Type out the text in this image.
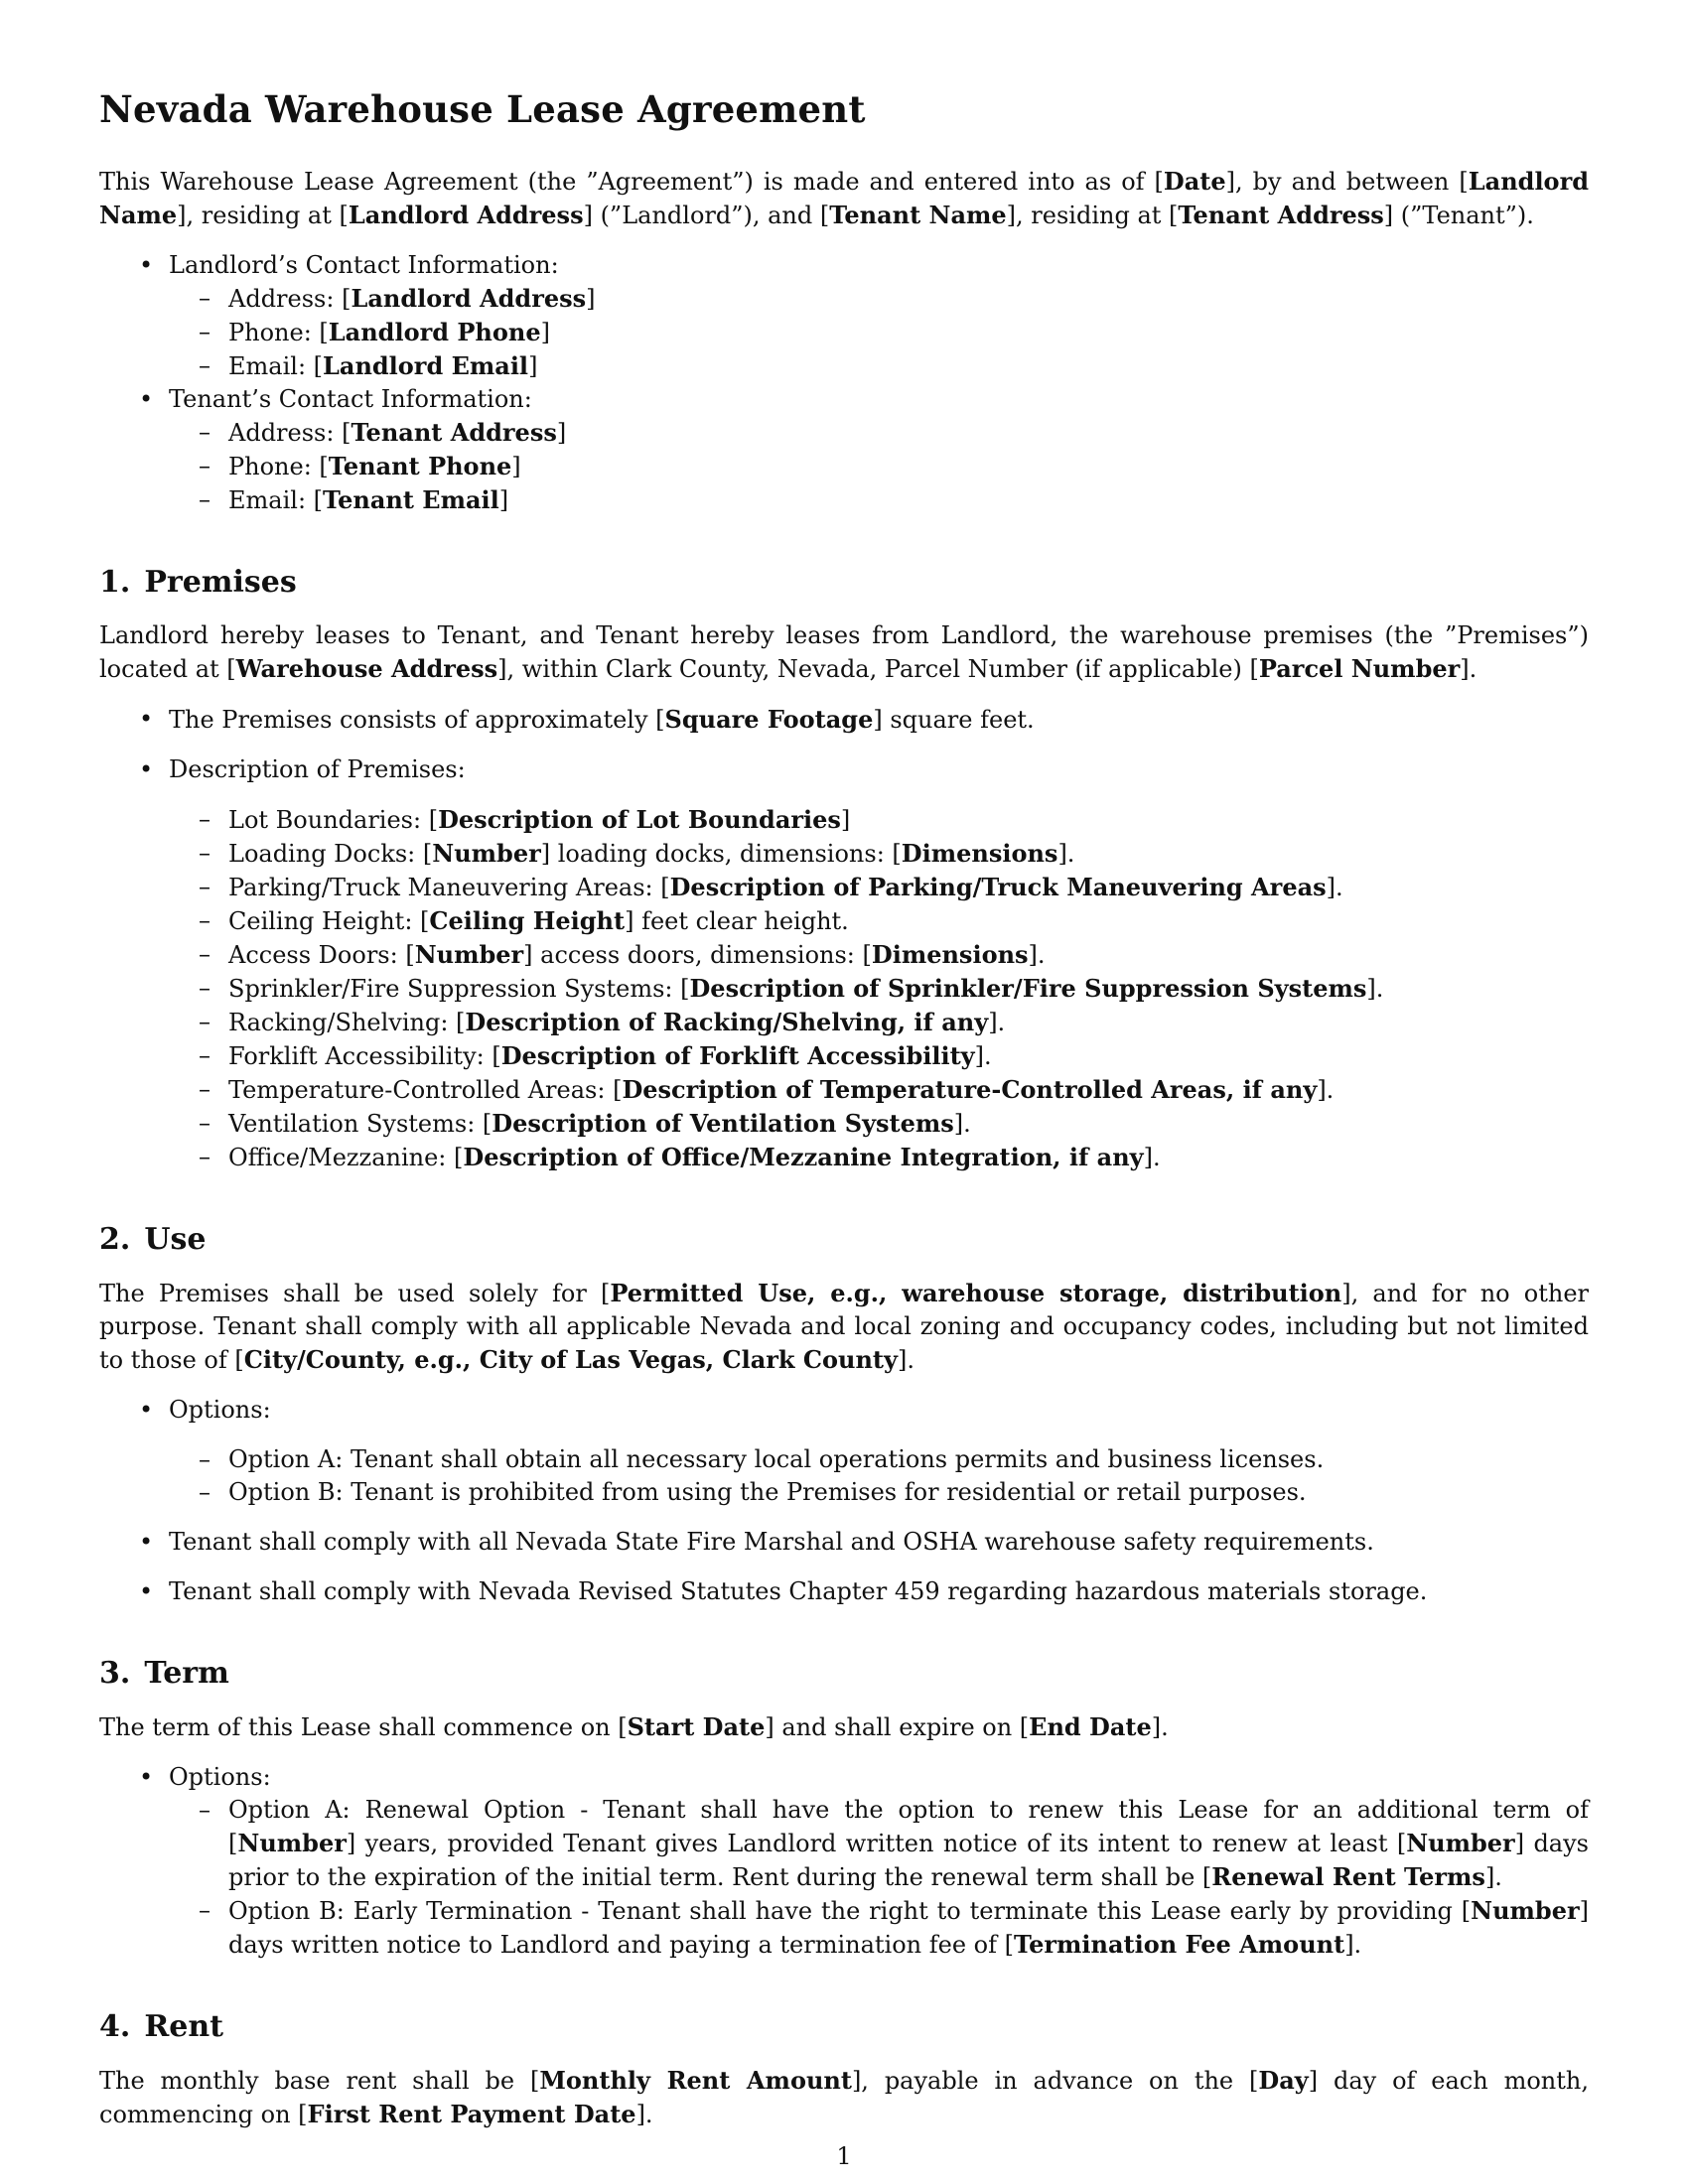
Nevada Warehouse Lease Agreement

This Warehouse Lease Agreement (the ”Agreement”) is made and entered into as of [Date], by and between [Landlord Name], residing at [Landlord Address] (”Landlord”), and [Tenant Name], residing at [Tenant Address] (”Tenant”).

• Landlord’s Contact Information:
– Address: [Landlord Address]
– Phone: [Landlord Phone]
– Email: [Landlord Email]
• Tenant’s Contact Information:
– Address: [Tenant Address]
– Phone: [Tenant Phone]
– Email: [Tenant Email]
1. Premises

Landlord hereby leases to Tenant, and Tenant hereby leases from Landlord, the warehouse premises (the ”Premises”) located at [Warehouse Address], within Clark County, Nevada, Parcel Number (if applicable) [Parcel Number].

• The Premises consists of approximately [Square Footage] square feet.
• Description of Premises:
– Lot Boundaries: [Description of Lot Boundaries]
– Loading Docks: [Number] loading docks, dimensions: [Dimensions].
– Parking/Truck Maneuvering Areas: [Description of Parking/Truck Maneuvering Areas].
– Ceiling Height: [Ceiling Height] feet clear height.
– Access Doors: [Number] access doors, dimensions: [Dimensions].
– Sprinkler/Fire Suppression Systems: [Description of Sprinkler/Fire Suppression Systems].
– Racking/Shelving: [Description of Racking/Shelving, if any].
– Forklift Accessibility: [Description of Forklift Accessibility].
– Temperature-Controlled Areas: [Description of Temperature-Controlled Areas, if any].
– Ventilation Systems: [Description of Ventilation Systems].
– Office/Mezzanine: [Description of Office/Mezzanine Integration, if any].
2. Use

The Premises shall be used solely for [Permitted Use, e.g., warehouse storage, distribution], and for no other purpose. Tenant shall comply with all applicable Nevada and local zoning and occupancy codes, including but not limited to those of [City/County, e.g., City of Las Vegas, Clark County].

• Options:
– Option A: Tenant shall obtain all necessary local operations permits and business licenses.
– Option B: Tenant is prohibited from using the Premises for residential or retail purposes.
• Tenant shall comply with all Nevada State Fire Marshal and OSHA warehouse safety requirements.
• Tenant shall comply with Nevada Revised Statutes Chapter 459 regarding hazardous materials storage.
3. Term

The term of this Lease shall commence on [Start Date] and shall expire on [End Date].

• Options:
– Option A: Renewal Option - Tenant shall have the option to renew this Lease for an additional term of [Number] years, provided Tenant gives Landlord written notice of its intent to renew at least [Number] days prior to the expiration of the initial term. Rent during the renewal term shall be [Renewal Rent Terms].
– Option B: Early Termination - Tenant shall have the right to terminate this Lease early by providing [Number] days written notice to Landlord and paying a termination fee of [Termination Fee Amount].
4. Rent

The monthly base rent shall be [Monthly Rent Amount], payable in advance on the [Day] day of each month, commencing on [First Rent Payment Date].

1
